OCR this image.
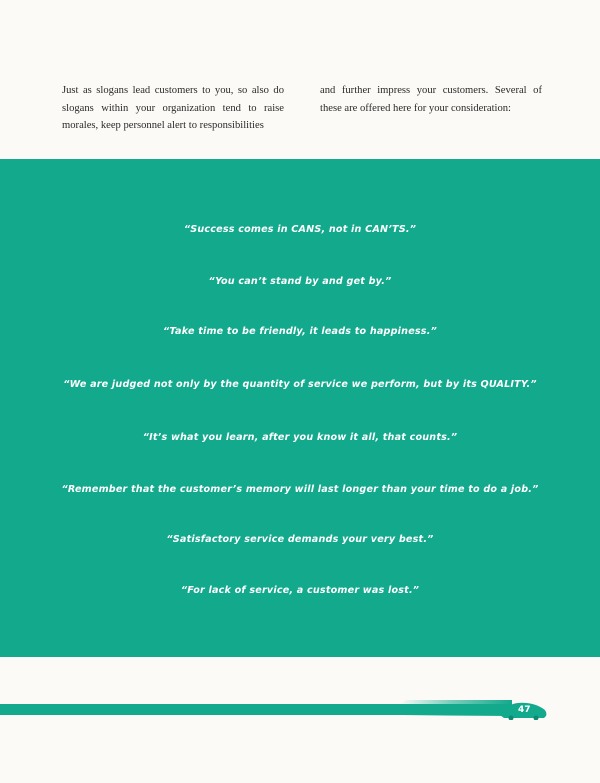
Just as slogans lead customers to you, so also do slogans within your organization tend to raise morales, keep personnel alert to responsibilities
and further impress your customers. Several of these are offered here for your consideration:
“Success comes in CANS, not in CAN’TS.”
“You can’t stand by and get by.”
“Take time to be friendly, it leads to happiness.”
“We are judged not only by the quantity of service we perform, but by its QUALITY.”
“It’s what you learn, after you know it all, that counts.”
“Remember that the customer’s memory will last longer than your time to do a job.”
“Satisfactory service demands your very best.”
“For lack of service, a customer was lost.”
47
